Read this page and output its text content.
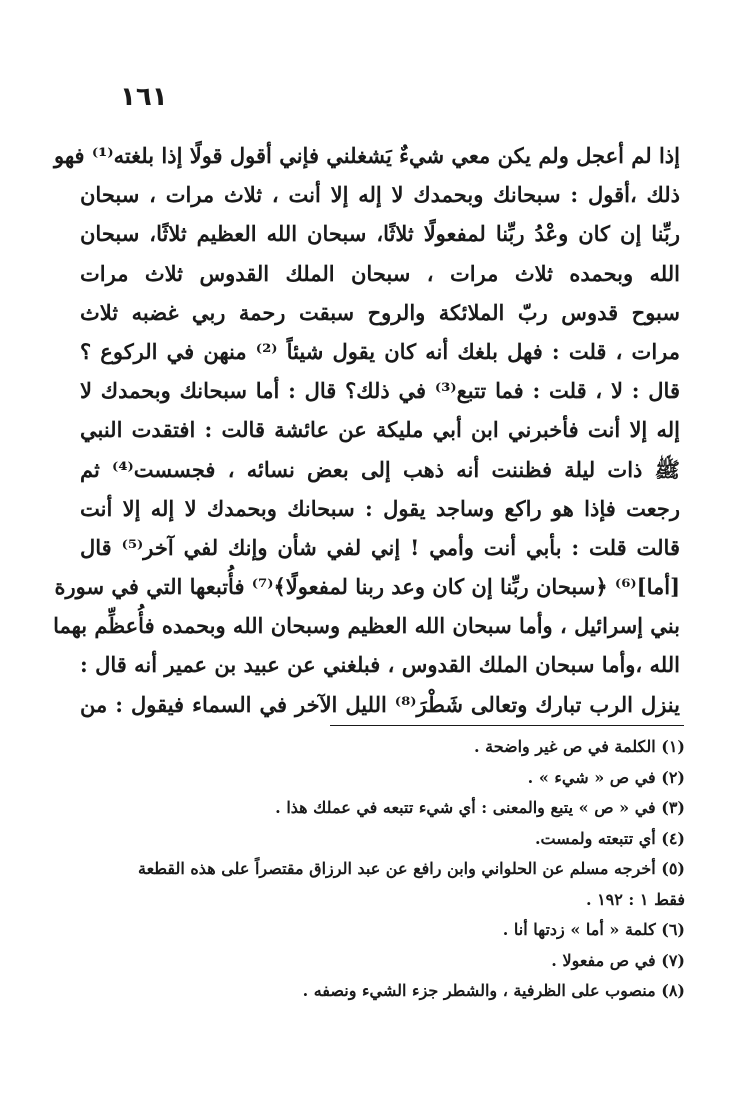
١٦١
إذا لم أعجل ولم يكن معي شيءٌ يَشغلني فإني أقول قولًا إذا بلغته⁽¹⁾ فهو
ذلك ،أقول : سبحانك وبحمدك لا إله إلا أنت ، ثلاث مرات ، سبحان
ربِّنا إن كان وعْدُ ربِّنا لمفعولًا ثلاثًا، سبحان الله العظيم ثلاثًا، سبحان
الله وبحمده ثلاث مرات ، سبحان الملك القدوس ثلاث مرات
سبوح قدوس ربّ الملائكة والروح سبقت رحمة ربي غضبه ثلاث
مرات ، قلت : فهل بلغك أنه كان يقول شيئاً ⁽²⁾ منهن في الركوع ؟
قال : لا ، قلت : فما تتبع⁽³⁾ في ذلك؟ قال : أما سبحانك وبحمدك لا
إله إلا أنت فأخبرني ابن أبي مليكة عن عائشة قالت : افتقدت النبي
ﷺ ذات ليلة فظننت أنه ذهب إلى بعض نسائه ، فجسست⁽⁴⁾ ثم
رجعت فإذا هو راكع وساجد يقول : سبحانك وبحمدك لا إله إلا أنت
قالت قلت : بأبي أنت وأمي ! إني لفي شأن وإنك لفي آخر⁽⁵⁾ قال
[أما]⁽⁶⁾ ﴿سبحان ربِّنا إن كان وعد ربنا لمفعولًا﴾⁽⁷⁾ فأُتبعها التي في سورة
بني إسرائيل ، وأما سبحان الله العظيم وسبحان الله وبحمده فأُعظِّم بهما
الله ،وأما سبحان الملك القدوس ، فبلغني عن عبيد بن عمير أنه قال :
ينزل الرب تبارك وتعالى شَطْرَ⁽⁸⁾ الليل الآخر في السماء فيقول : من
(١) الكلمة في ص غير واضحة .
(٢) في ص « شيء » .
(٣) في « ص » يتبع والمعنى : أي شيء تتبعه في عملك هذا .
(٤) أي تتبعته ولمست.
(٥) أخرجه مسلم عن الحلواني وابن رافع عن عبد الرزاق مقتصراً على هذه القطعة
فقط ١ : ١٩٢ .
(٦) كلمة « أما » زدتها أنا .
(٧) في ص مفعولا .
(٨) منصوب على الظرفية ، والشطر جزء الشيء ونصفه .
